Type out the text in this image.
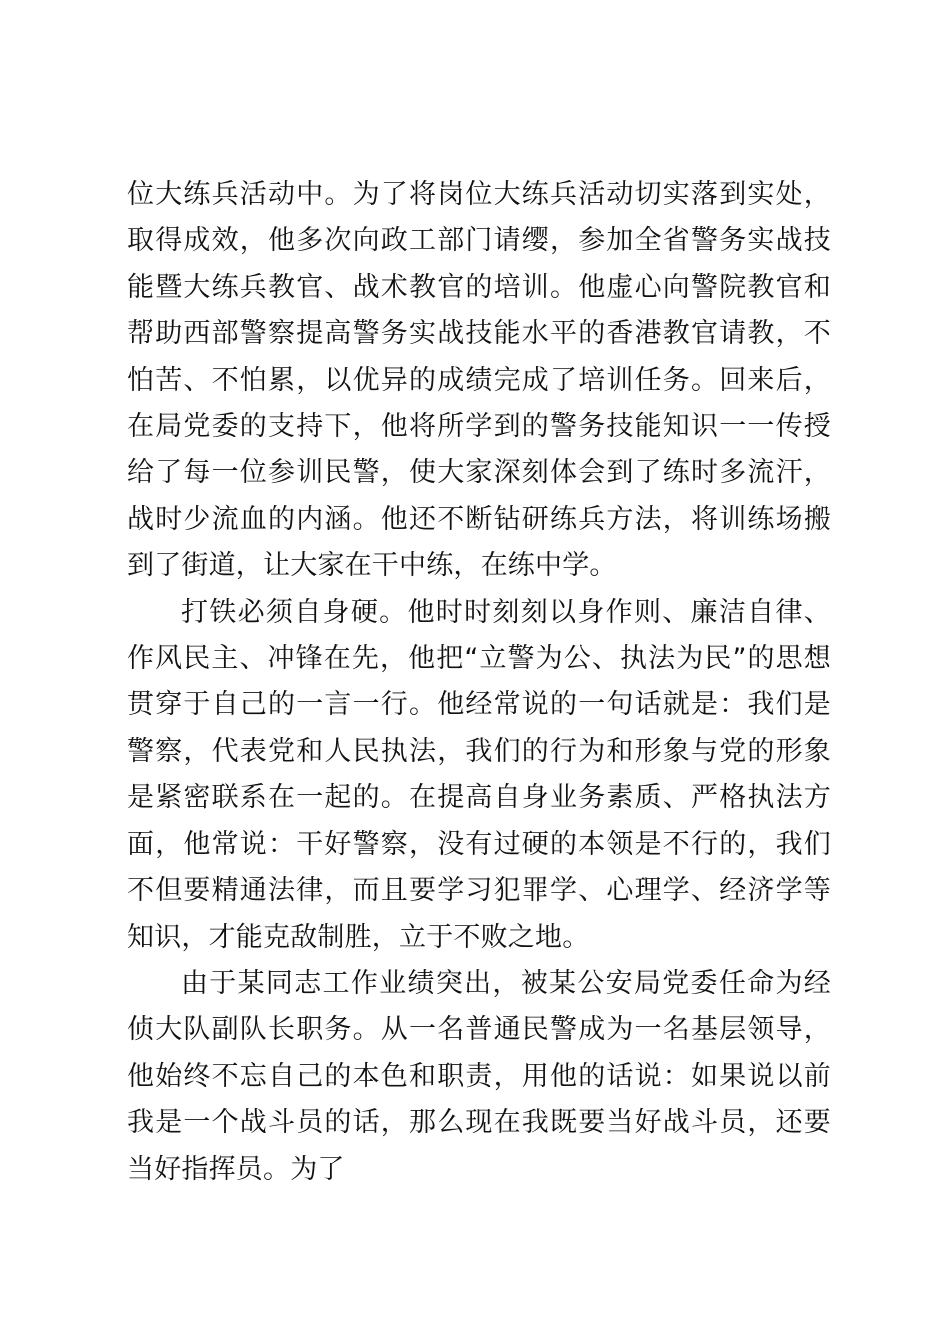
位大练兵活动中。为了将岗位大练兵活动切实落到实处，取得成效，他多次向政工部门请缨，参加全省警务实战技能暨大练兵教官、战术教官的培训。他虚心向警院教官和帮助西部警察提高警务实战技能水平的香港教官请教，不怕苦、不怕累，以优异的成绩完成了培训任务。回来后，在局党委的支持下，他将所学到的警务技能知识一一传授给了每一位参训民警，使大家深刻体会到了练时多流汗，战时少流血的内涵。他还不断钻研练兵方法，将训练场搬到了街道，让大家在干中练，在练中学。

打铁必须自身硬。他时时刻刻以身作则、廉洁自律、作风民主、冲锋在先，他把“立警为公、执法为民”的思想贯穿于自己的一言一行。他经常说的一句话就是：我们是警察，代表党和人民执法，我们的行为和形象与党的形象是紧密联系在一起的。在提高自身业务素质、严格执法方面，他常说：干好警察，没有过硬的本领是不行的，我们不但要精通法律，而且要学习犯罪学、心理学、经济学等知识，才能克敌制胜，立于不败之地。

由于某同志工作业绩突出，被某公安局党委任命为经侦大队副队长职务。从一名普通民警成为一名基层领导，他始终不忘自己的本色和职责，用他的话说：如果说以前我是一个战斗员的话，那么现在我既要当好战斗员，还要当好指挥员。为了
